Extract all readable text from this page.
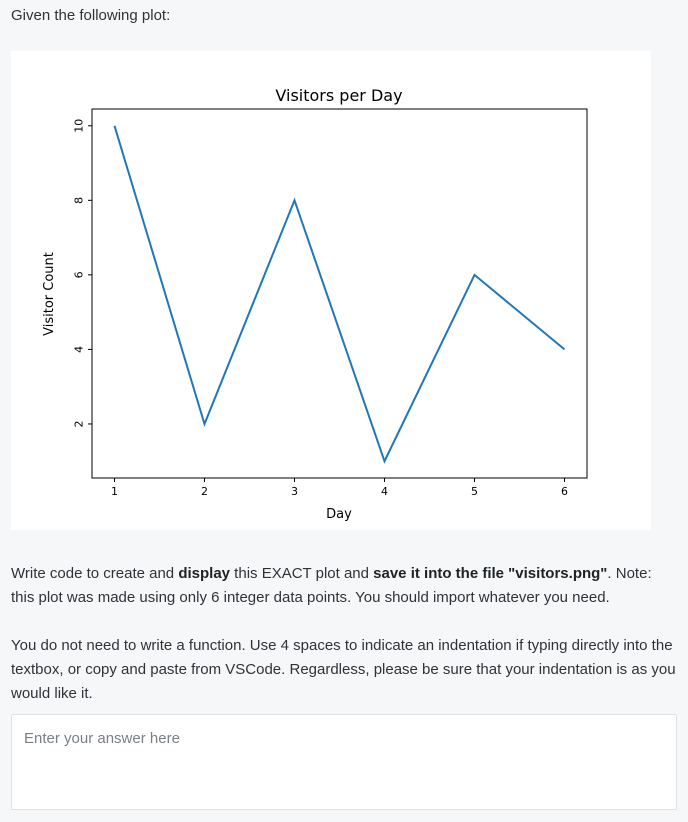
Given the following plot:
Visitors per Day
1	2	3	4	5	6
2
4
6
8
10
Day
Visitor Count
Write code to create and display this EXACT plot and save it into the file "visitors.png". Note: this plot was made using only 6 integer data points. You should import whatever you need.
You do not need to write a function. Use 4 spaces to indicate an indentation if typing directly into the textbox, or copy and paste from VSCode. Regardless, please be sure that your indentation is as you would like it.
Enter your answer here
